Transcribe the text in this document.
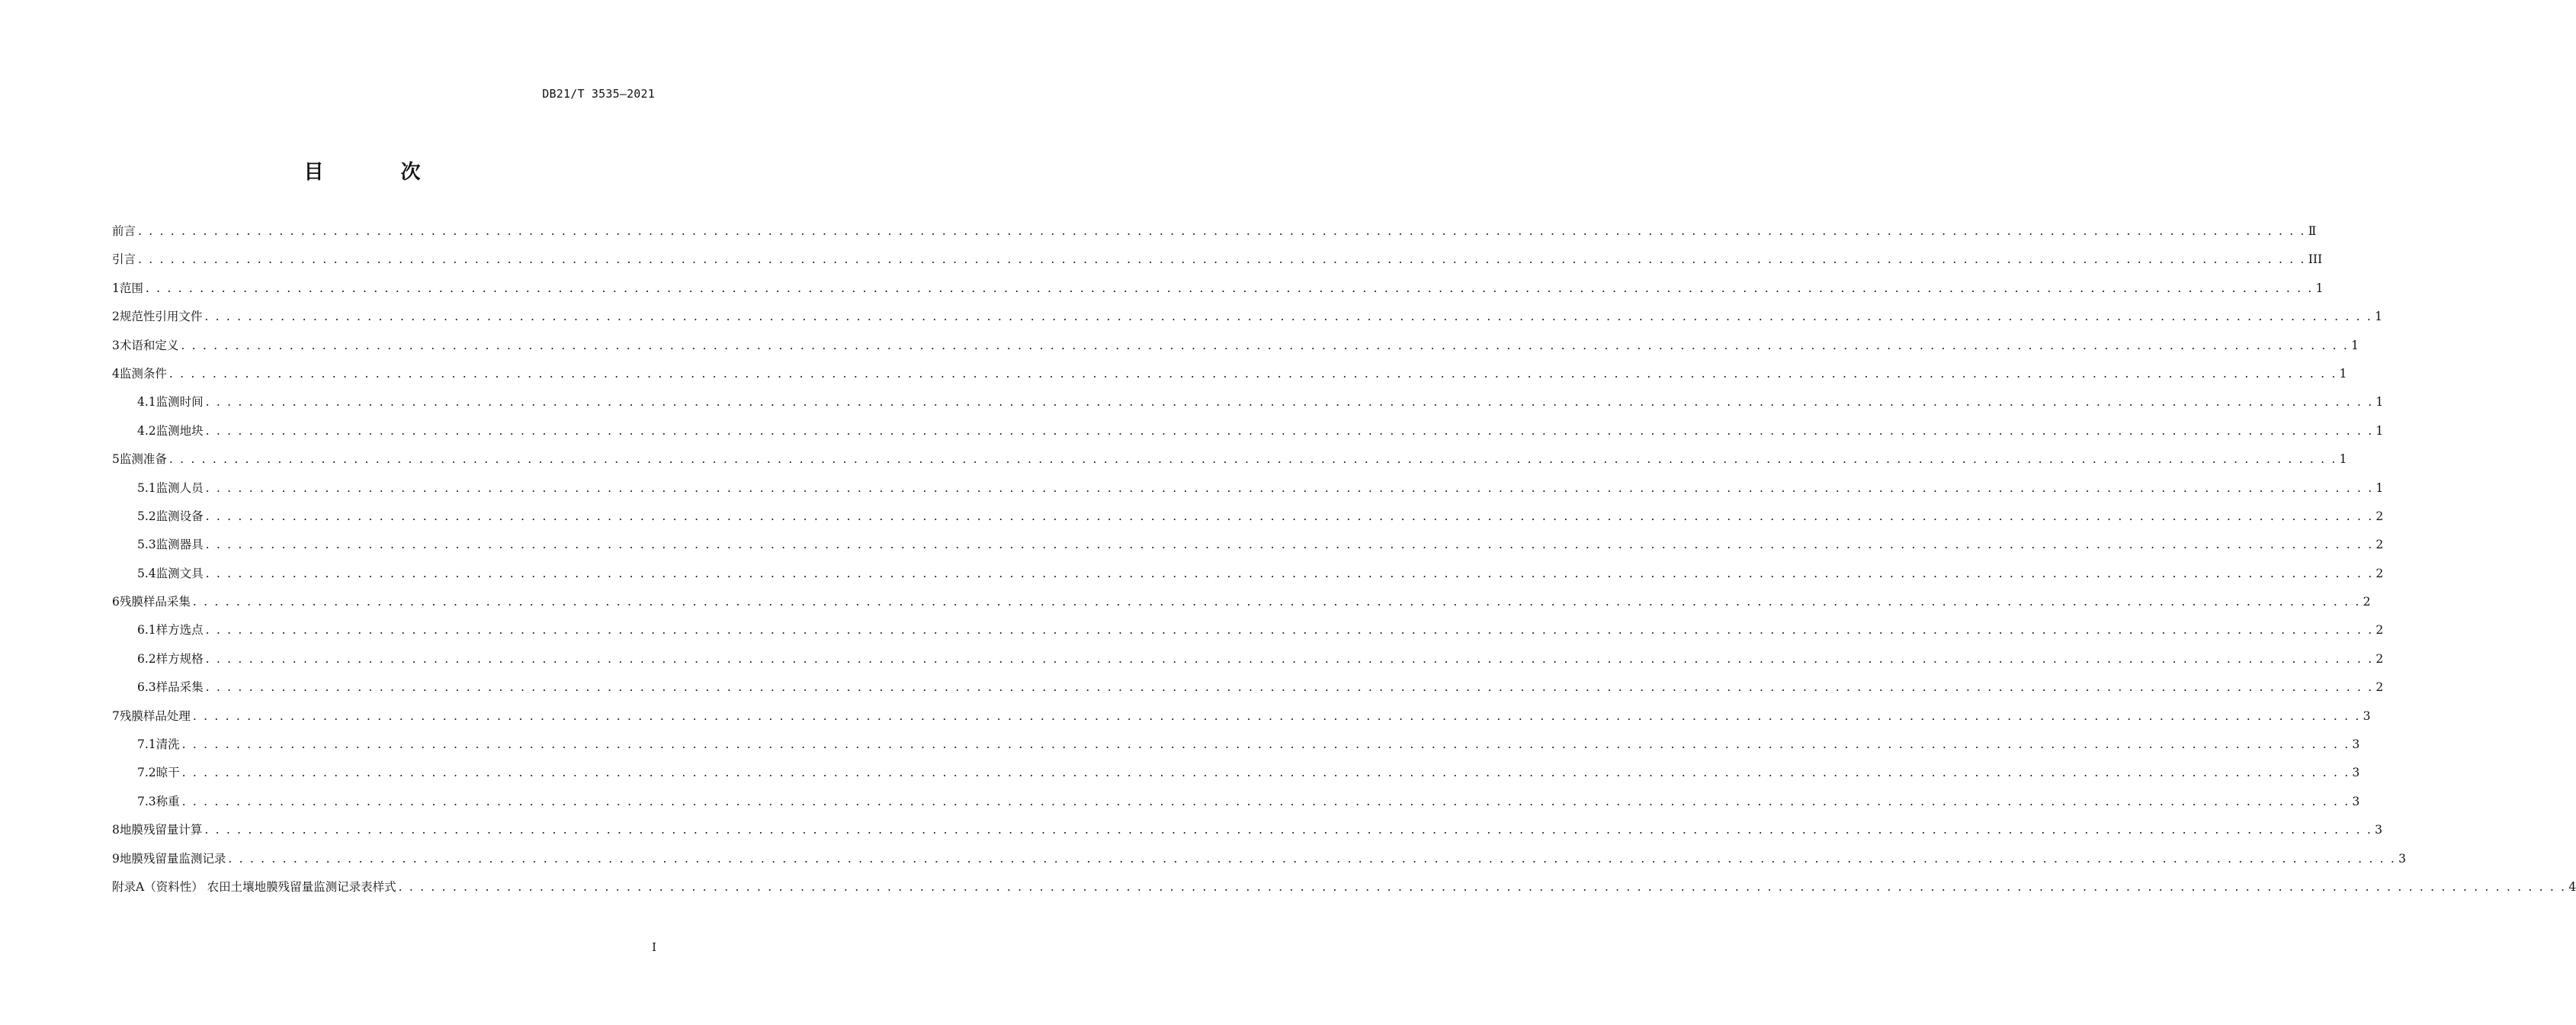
DB21/T 3535—2021
目 次
前言 . . . . . . . . . . . . . . . . . . . . . . . . . . . . . . . . . . . . . . . . . . . . . . . . . . . . . . . . . . . . . . . . . . . . . . . . . . . . . . . . . . . . . . . . . . . . . . . . . . . . . . . . . . . . . . . . . . . . . . . . . . . . . . . . . . . . . . . . . . . . . . . . . . . . . . . . . . . . . . . . . . . . . . . . . . . . . . . . . . . . . . . . . . . . . . . . . . . . . . . . Ⅱ
引言 . . . . . . . . . . . . . . . . . . . . . . . . . . . . . . . . . . . . . . . . . . . . . . . . . . . . . . . . . . . . . . . . . . . . . . . . . . . . . . . . . . . . . . . . . . . . . . . . . . . . . . . . . . . . . . . . . . . . . . . . . . . . . . . . . . . . . . . . . . . . . . . . . . . . . . . . . . . . . . . . . . . . . . . . . . . . . . . . . . . . . . . . . . . . . . . . . . . . . . . . III
1 范围 . . . . . . . . . . . . . . . . . . . . . . . . . . . . . . . . . . . . . . . . . . . . . . . . . . . . . . . . . . . . . . . . . . . . . . . . . . . . . . . . . . . . . . . . . . . . . . . . . . . . . . . . . . . . . . . . . . . . . . . . . . . . . . . . . . . . . . . . . . . . . . . . . . . . . . . . . . . . . . . . . . . . . . . . . . . . . . . . . . . . . . . . . . . . . . . . . . . . . . . . 1
2 规范性引用文件 . . . . . . . . . . . . . . . . . . . . . . . . . . . . . . . . . . . . . . . . . . . . . . . . . . . . . . . . . . . . . . . . . . . . . . . . . . . . . . . . . . . . . . . . . . . . . . . . . . . . . . . . . . . . . . . . . . . . . . . . . . . . . . . . . . . . . . . . . . . . . . . . . . . . . . . . . . . . . . . . . . . . . . . . . . . . . . . . . . . . . . . . . . . . . . . . . . . . . . . . 1
3 术语和定义 . . . . . . . . . . . . . . . . . . . . . . . . . . . . . . . . . . . . . . . . . . . . . . . . . . . . . . . . . . . . . . . . . . . . . . . . . . . . . . . . . . . . . . . . . . . . . . . . . . . . . . . . . . . . . . . . . . . . . . . . . . . . . . . . . . . . . . . . . . . . . . . . . . . . . . . . . . . . . . . . . . . . . . . . . . . . . . . . . . . . . . . . . . . . . . . . . . . . . . . . 1
4 监测条件 . . . . . . . . . . . . . . . . . . . . . . . . . . . . . . . . . . . . . . . . . . . . . . . . . . . . . . . . . . . . . . . . . . . . . . . . . . . . . . . . . . . . . . . . . . . . . . . . . . . . . . . . . . . . . . . . . . . . . . . . . . . . . . . . . . . . . . . . . . . . . . . . . . . . . . . . . . . . . . . . . . . . . . . . . . . . . . . . . . . . . . . . . . . . . . . . . . . . . . . . 1
4.1 监测时间 . . . . . . . . . . . . . . . . . . . . . . . . . . . . . . . . . . . . . . . . . . . . . . . . . . . . . . . . . . . . . . . . . . . . . . . . . . . . . . . . . . . . . . . . . . . . . . . . . . . . . . . . . . . . . . . . . . . . . . . . . . . . . . . . . . . . . . . . . . . . . . . . . . . . . . . . . . . . . . . . . . . . . . . . . . . . . . . . . . . . . . . . . . . . . . . . . . . . . . . . 1
4.2 监测地块 . . . . . . . . . . . . . . . . . . . . . . . . . . . . . . . . . . . . . . . . . . . . . . . . . . . . . . . . . . . . . . . . . . . . . . . . . . . . . . . . . . . . . . . . . . . . . . . . . . . . . . . . . . . . . . . . . . . . . . . . . . . . . . . . . . . . . . . . . . . . . . . . . . . . . . . . . . . . . . . . . . . . . . . . . . . . . . . . . . . . . . . . . . . . . . . . . . . . . . . . 1
5 监测准备 . . . . . . . . . . . . . . . . . . . . . . . . . . . . . . . . . . . . . . . . . . . . . . . . . . . . . . . . . . . . . . . . . . . . . . . . . . . . . . . . . . . . . . . . . . . . . . . . . . . . . . . . . . . . . . . . . . . . . . . . . . . . . . . . . . . . . . . . . . . . . . . . . . . . . . . . . . . . . . . . . . . . . . . . . . . . . . . . . . . . . . . . . . . . . . . . . . . . . . . . 1
5.1 监测人员 . . . . . . . . . . . . . . . . . . . . . . . . . . . . . . . . . . . . . . . . . . . . . . . . . . . . . . . . . . . . . . . . . . . . . . . . . . . . . . . . . . . . . . . . . . . . . . . . . . . . . . . . . . . . . . . . . . . . . . . . . . . . . . . . . . . . . . . . . . . . . . . . . . . . . . . . . . . . . . . . . . . . . . . . . . . . . . . . . . . . . . . . . . . . . . . . . . . . . . . . 1
5.2 监测设备 . . . . . . . . . . . . . . . . . . . . . . . . . . . . . . . . . . . . . . . . . . . . . . . . . . . . . . . . . . . . . . . . . . . . . . . . . . . . . . . . . . . . . . . . . . . . . . . . . . . . . . . . . . . . . . . . . . . . . . . . . . . . . . . . . . . . . . . . . . . . . . . . . . . . . . . . . . . . . . . . . . . . . . . . . . . . . . . . . . . . . . . . . . . . . . . . . . . . . . . . 2
5.3 监测器具 . . . . . . . . . . . . . . . . . . . . . . . . . . . . . . . . . . . . . . . . . . . . . . . . . . . . . . . . . . . . . . . . . . . . . . . . . . . . . . . . . . . . . . . . . . . . . . . . . . . . . . . . . . . . . . . . . . . . . . . . . . . . . . . . . . . . . . . . . . . . . . . . . . . . . . . . . . . . . . . . . . . . . . . . . . . . . . . . . . . . . . . . . . . . . . . . . . . . . . . . 2
5.4 监测文具 . . . . . . . . . . . . . . . . . . . . . . . . . . . . . . . . . . . . . . . . . . . . . . . . . . . . . . . . . . . . . . . . . . . . . . . . . . . . . . . . . . . . . . . . . . . . . . . . . . . . . . . . . . . . . . . . . . . . . . . . . . . . . . . . . . . . . . . . . . . . . . . . . . . . . . . . . . . . . . . . . . . . . . . . . . . . . . . . . . . . . . . . . . . . . . . . . . . . . . . . 2
6 残膜样品采集 . . . . . . . . . . . . . . . . . . . . . . . . . . . . . . . . . . . . . . . . . . . . . . . . . . . . . . . . . . . . . . . . . . . . . . . . . . . . . . . . . . . . . . . . . . . . . . . . . . . . . . . . . . . . . . . . . . . . . . . . . . . . . . . . . . . . . . . . . . . . . . . . . . . . . . . . . . . . . . . . . . . . . . . . . . . . . . . . . . . . . . . . . . . . . . . . . . . . . . . . 2
6.1 样方选点 . . . . . . . . . . . . . . . . . . . . . . . . . . . . . . . . . . . . . . . . . . . . . . . . . . . . . . . . . . . . . . . . . . . . . . . . . . . . . . . . . . . . . . . . . . . . . . . . . . . . . . . . . . . . . . . . . . . . . . . . . . . . . . . . . . . . . . . . . . . . . . . . . . . . . . . . . . . . . . . . . . . . . . . . . . . . . . . . . . . . . . . . . . . . . . . . . . . . . . . . 2
6.2 样方规格 . . . . . . . . . . . . . . . . . . . . . . . . . . . . . . . . . . . . . . . . . . . . . . . . . . . . . . . . . . . . . . . . . . . . . . . . . . . . . . . . . . . . . . . . . . . . . . . . . . . . . . . . . . . . . . . . . . . . . . . . . . . . . . . . . . . . . . . . . . . . . . . . . . . . . . . . . . . . . . . . . . . . . . . . . . . . . . . . . . . . . . . . . . . . . . . . . . . . . . . . 2
6.3 样品采集 . . . . . . . . . . . . . . . . . . . . . . . . . . . . . . . . . . . . . . . . . . . . . . . . . . . . . . . . . . . . . . . . . . . . . . . . . . . . . . . . . . . . . . . . . . . . . . . . . . . . . . . . . . . . . . . . . . . . . . . . . . . . . . . . . . . . . . . . . . . . . . . . . . . . . . . . . . . . . . . . . . . . . . . . . . . . . . . . . . . . . . . . . . . . . . . . . . . . . . . . 2
7 残膜样品处理 . . . . . . . . . . . . . . . . . . . . . . . . . . . . . . . . . . . . . . . . . . . . . . . . . . . . . . . . . . . . . . . . . . . . . . . . . . . . . . . . . . . . . . . . . . . . . . . . . . . . . . . . . . . . . . . . . . . . . . . . . . . . . . . . . . . . . . . . . . . . . . . . . . . . . . . . . . . . . . . . . . . . . . . . . . . . . . . . . . . . . . . . . . . . . . . . . . . . . . . . 3
7.1 清洗 . . . . . . . . . . . . . . . . . . . . . . . . . . . . . . . . . . . . . . . . . . . . . . . . . . . . . . . . . . . . . . . . . . . . . . . . . . . . . . . . . . . . . . . . . . . . . . . . . . . . . . . . . . . . . . . . . . . . . . . . . . . . . . . . . . . . . . . . . . . . . . . . . . . . . . . . . . . . . . . . . . . . . . . . . . . . . . . . . . . . . . . . . . . . . . . . . . . . . . . . 3
7.2 晾干 . . . . . . . . . . . . . . . . . . . . . . . . . . . . . . . . . . . . . . . . . . . . . . . . . . . . . . . . . . . . . . . . . . . . . . . . . . . . . . . . . . . . . . . . . . . . . . . . . . . . . . . . . . . . . . . . . . . . . . . . . . . . . . . . . . . . . . . . . . . . . . . . . . . . . . . . . . . . . . . . . . . . . . . . . . . . . . . . . . . . . . . . . . . . . . . . . . . . . . . . 3
7.3 称重 . . . . . . . . . . . . . . . . . . . . . . . . . . . . . . . . . . . . . . . . . . . . . . . . . . . . . . . . . . . . . . . . . . . . . . . . . . . . . . . . . . . . . . . . . . . . . . . . . . . . . . . . . . . . . . . . . . . . . . . . . . . . . . . . . . . . . . . . . . . . . . . . . . . . . . . . . . . . . . . . . . . . . . . . . . . . . . . . . . . . . . . . . . . . . . . . . . . . . . . . 3
8 地膜残留量计算 . . . . . . . . . . . . . . . . . . . . . . . . . . . . . . . . . . . . . . . . . . . . . . . . . . . . . . . . . . . . . . . . . . . . . . . . . . . . . . . . . . . . . . . . . . . . . . . . . . . . . . . . . . . . . . . . . . . . . . . . . . . . . . . . . . . . . . . . . . . . . . . . . . . . . . . . . . . . . . . . . . . . . . . . . . . . . . . . . . . . . . . . . . . . . . . . . . . . . . . . 3
9 地膜残留量监测记录 . . . . . . . . . . . . . . . . . . . . . . . . . . . . . . . . . . . . . . . . . . . . . . . . . . . . . . . . . . . . . . . . . . . . . . . . . . . . . . . . . . . . . . . . . . . . . . . . . . . . . . . . . . . . . . . . . . . . . . . . . . . . . . . . . . . . . . . . . . . . . . . . . . . . . . . . . . . . . . . . . . . . . . . . . . . . . . . . . . . . . . . . . . . . . . . . . . . . . . . . 3
附录A（资料性） 农田土壤地膜残留量监测记录表样式 . . . . . . . . . . . . . . . . . . . . . . . . . . . . . . . . . . . . . . . . . . . . . . . . . . . . . . . . . . . . . . . . . . . . . . . . . . . . . . . . . . . . . . . . . . . . . . . . . . . . . . . . . . . . . . . . . . . . . . . . . . . . . . . . . . . . . . . . . . . . . . . . . . . . . . . . . . . . . . . . . . . . . . . . . . . . . . . . . . . . . . . . . . . . . . . . . . . . . . . . 4
I
